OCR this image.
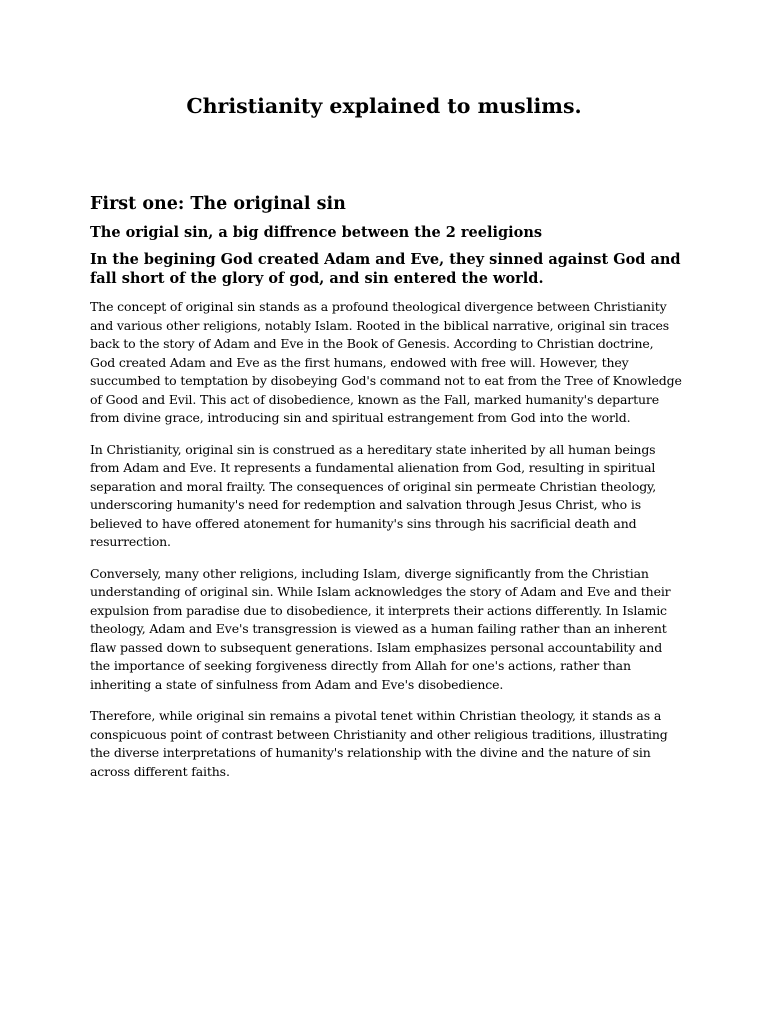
Christianity explained to muslims.
First one: The original sin
The origial sin, a big diffrence between the 2 reeligions
In the begining God created Adam and Eve, they sinned against God and fall short of the glory of god, and sin entered the world.

The concept of original sin stands as a profound theological divergence between Christianity and various other religions, notably Islam. Rooted in the biblical narrative, original sin traces back to the story of Adam and Eve in the Book of Genesis. According to Christian doctrine, God created Adam and Eve as the first humans, endowed with free will. However, they succumbed to temptation by disobeying God's command not to eat from the Tree of Knowledge of Good and Evil. This act of disobedience, known as the Fall, marked humanity's departure from divine grace, introducing sin and spiritual estrangement from God into the world.

In Christianity, original sin is construed as a hereditary state inherited by all human beings from Adam and Eve. It represents a fundamental alienation from God, resulting in spiritual separation and moral frailty. The consequences of original sin permeate Christian theology, underscoring humanity's need for redemption and salvation through Jesus Christ, who is believed to have offered atonement for humanity's sins through his sacrificial death and resurrection.

Conversely, many other religions, including Islam, diverge significantly from the Christian understanding of original sin. While Islam acknowledges the story of Adam and Eve and their expulsion from paradise due to disobedience, it interprets their actions differently. In Islamic theology, Adam and Eve's transgression is viewed as a human failing rather than an inherent flaw passed down to subsequent generations. Islam emphasizes personal accountability and the importance of seeking forgiveness directly from Allah for one's actions, rather than inheriting a state of sinfulness from Adam and Eve's disobedience.

Therefore, while original sin remains a pivotal tenet within Christian theology, it stands as a conspicuous point of contrast between Christianity and other religious traditions, illustrating the diverse interpretations of humanity's relationship with the divine and the nature of sin across different faiths.
